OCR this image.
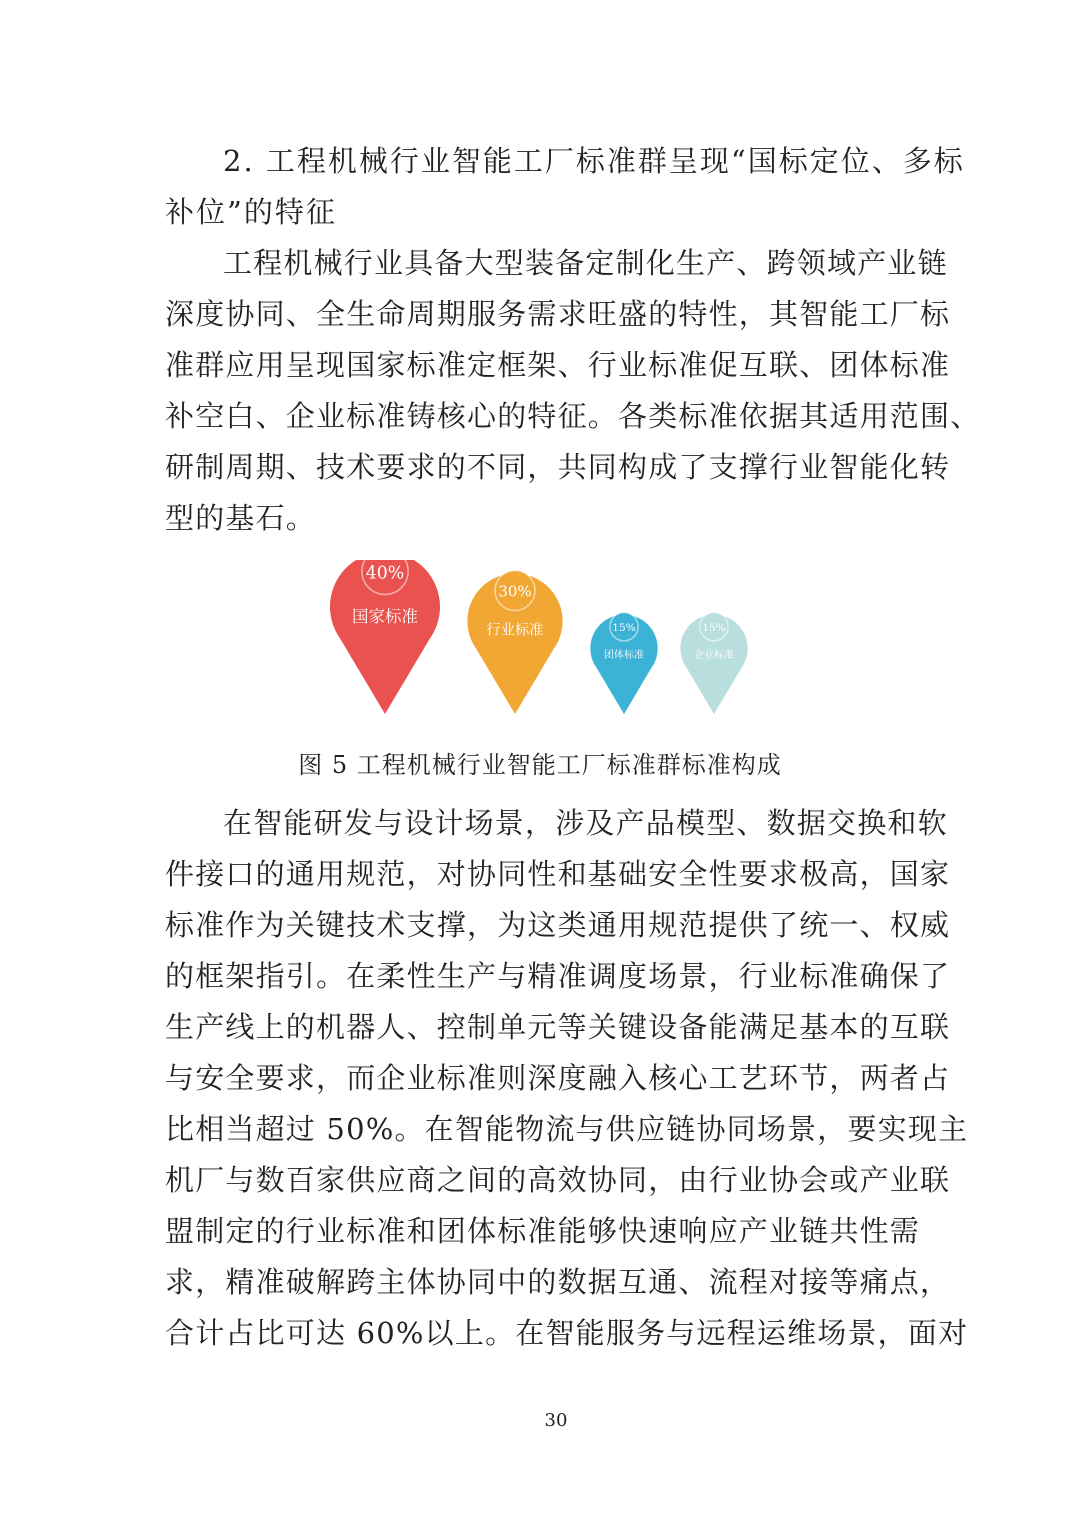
2. 工程机械行业智能工厂标准群呈现“国标定位、多标
补位”的特征
工程机械行业具备大型装备定制化生产、跨领域产业链
深度协同、全生命周期服务需求旺盛的特性，其智能工厂标
准群应用呈现国家标准定框架、行业标准促互联、团体标准
补空白、企业标准铸核心的特征。各类标准依据其适用范围、
研制周期、技术要求的不同，共同构成了支撑行业智能化转
型的基石。
40%
国家标准
30%
行业标准	15%
团体标准
15%
企业标准
图 5 工程机械行业智能工厂标准群标准构成
在智能研发与设计场景，涉及产品模型、数据交换和软
件接口的通用规范，对协同性和基础安全性要求极高，国家
标准作为关键技术支撑，为这类通用规范提供了统一、权威
的框架指引。在柔性生产与精准调度场景，行业标准确保了
生产线上的机器人、控制单元等关键设备能满足基本的互联
与安全要求，而企业标准则深度融入核心工艺环节，两者占
比相当超过 50%。在智能物流与供应链协同场景，要实现主
机厂与数百家供应商之间的高效协同，由行业协会或产业联
盟制定的行业标准和团体标准能够快速响应产业链共性需
求，精准破解跨主体协同中的数据互通、流程对接等痛点，
合计占比可达 60%以上。在智能服务与远程运维场景，面对
30
